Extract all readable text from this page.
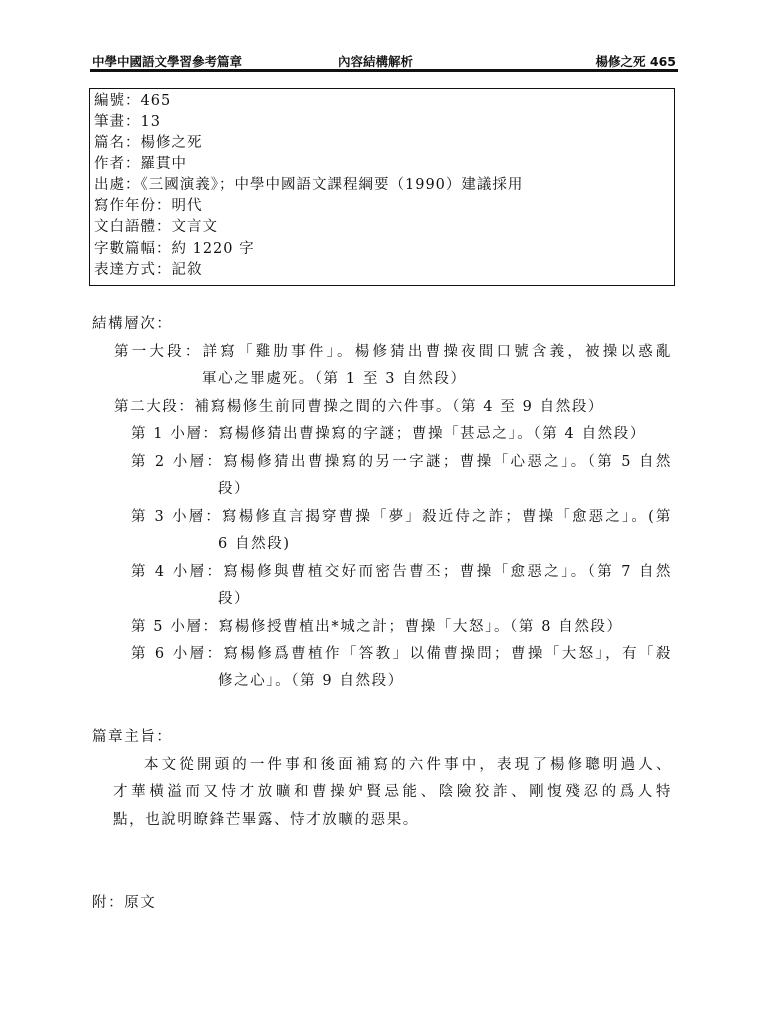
中學中國語文學習參考篇章	內容結構解析	楊修之死 465
編號：465
筆畫：13
篇名：楊修之死
作者：羅貫中
出處：《三國演義》；中學中國語文課程綱要（1990）建議採用
寫作年份：明代
文白語體：文言文
字數篇幅：約 1220 字
表達方式：記敘
結構層次：
第一大段：詳寫「雞肋事件」。楊修猜出曹操夜間口號含義，被操以惑亂
軍心之罪處死。（第 1 至 3 自然段）
第二大段：補寫楊修生前同曹操之間的六件事。（第 4 至 9 自然段）
第 1 小層：寫楊修猜出曹操寫的字謎；曹操「甚忌之」。（第 4 自然段）
第 2 小層：寫楊修猜出曹操寫的另一字謎；曹操「心惡之」。（第 5 自然
段）
第 3 小層：寫楊修直言揭穿曹操「夢」殺近侍之詐；曹操「愈惡之」。(第
6 自然段)
第 4 小層：寫楊修與曹植交好而密告曹丕；曹操「愈惡之」。（第 7 自然
段）
第 5 小層：寫楊修授曹植出*城之計；曹操「大怒」。（第 8 自然段）
第 6 小層：寫楊修爲曹植作「答教」以備曹操問；曹操「大怒」，有「殺
修之心」。（第 9 自然段）
篇章主旨：
本文從開頭的一件事和後面補寫的六件事中，表現了楊修聰明過人、
才華橫溢而又恃才放曠和曹操妒賢忌能、陰險狡詐、剛愎殘忍的爲人特
點，也說明瞭鋒芒畢露、恃才放曠的惡果。
附：原文
